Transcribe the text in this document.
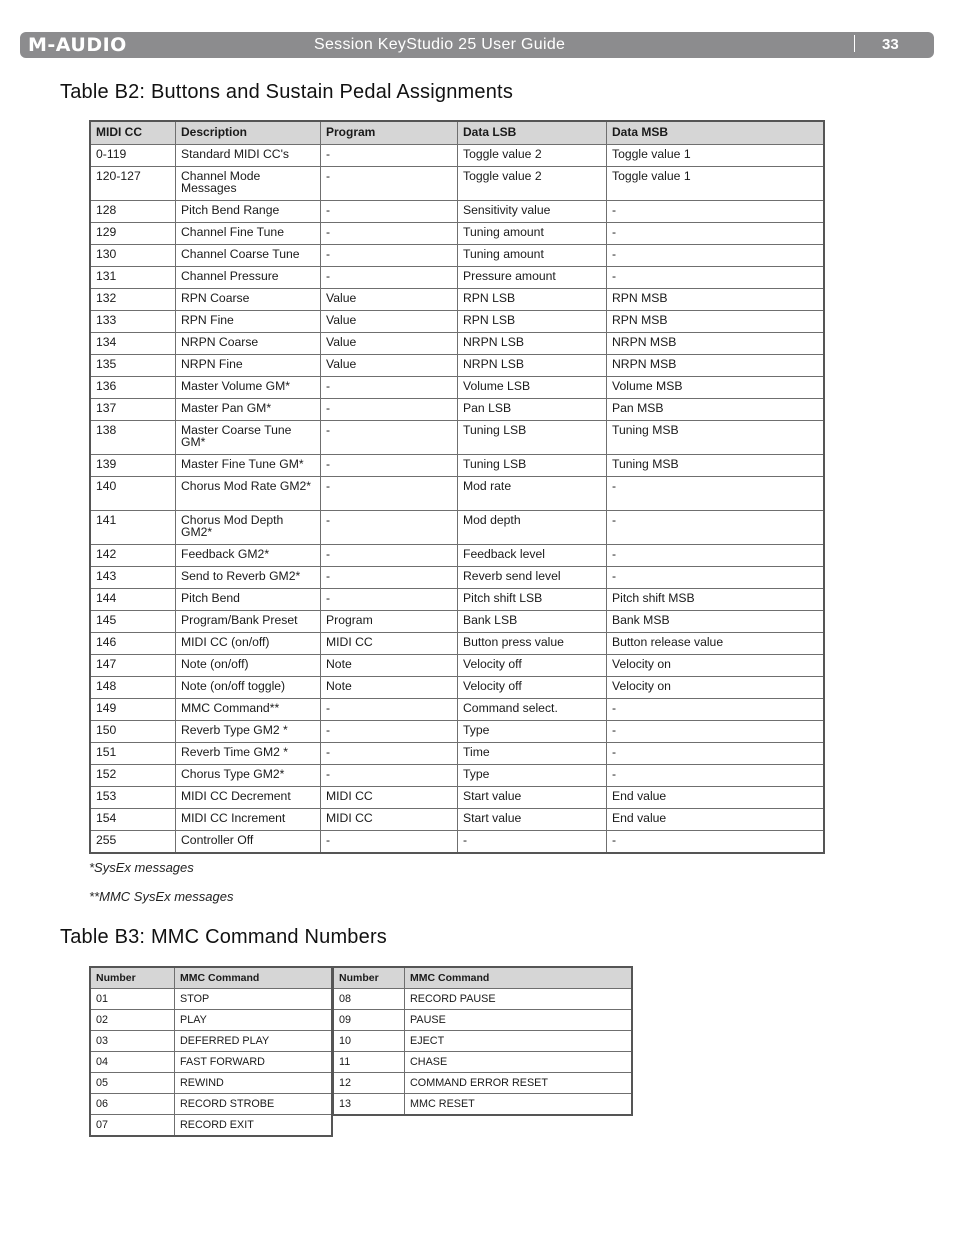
M-AUDIO	Session KeyStudio 25 User Guide	33
Table B2: Buttons and Sustain Pedal Assignments
MIDI CC	Description	Program	Data LSB	Data MSB
0-119	Standard MIDI CC's	-	Toggle value 2	Toggle value 1
120-127	Channel Mode Messages	-	Toggle value 2	Toggle value 1
128	Pitch Bend Range	-	Sensitivity value	-
129	Channel Fine Tune	-	Tuning amount	-
130	Channel Coarse Tune	-	Tuning amount	-
131	Channel Pressure	-	Pressure amount	-
132	RPN Coarse	Value	RPN LSB	RPN MSB
133	RPN Fine	Value	RPN LSB	RPN MSB
134	NRPN Coarse	Value	NRPN LSB	NRPN MSB
135	NRPN Fine	Value	NRPN LSB	NRPN MSB
136	Master Volume GM*	-	Volume LSB	Volume MSB
137	Master Pan GM*	-	Pan LSB	Pan MSB
138	Master Coarse Tune GM*	-	Tuning LSB	Tuning MSB
139	Master Fine Tune GM*	-	Tuning LSB	Tuning MSB
140	Chorus Mod Rate GM2*	-	Mod rate	-
141	Chorus Mod Depth GM2*	-	Mod depth	-
142	Feedback GM2*	-	Feedback level	-
143	Send to Reverb GM2*	-	Reverb send level	-
144	Pitch Bend	-	Pitch shift LSB	Pitch shift MSB
145	Program/Bank Preset	Program	Bank LSB	Bank MSB
146	MIDI CC (on/off)	MIDI CC	Button press value	Button release value
147	Note (on/off)	Note	Velocity off	Velocity on
148	Note (on/off toggle)	Note	Velocity off	Velocity on
149	MMC Command**	-	Command select.	-
150	Reverb Type GM2 *	-	Type	-
151	Reverb Time GM2 *	-	Time	-
152	Chorus Type GM2*	-	Type	-
153	MIDI CC Decrement	MIDI CC	Start value	End value
154	MIDI CC Increment	MIDI CC	Start value	End value
255	Controller Off	-	-	-
*SysEx messages
**MMC SysEx messages
Table B3: MMC Command Numbers
Number	MMC Command
01	STOP
02	PLAY
03	DEFERRED PLAY
04	FAST FORWARD
05	REWIND
06	RECORD STROBE
07	RECORD EXIT
Number	MMC Command
08	RECORD PAUSE
09	PAUSE
10	EJECT
11	CHASE
12	COMMAND ERROR RESET
13	MMC RESET
